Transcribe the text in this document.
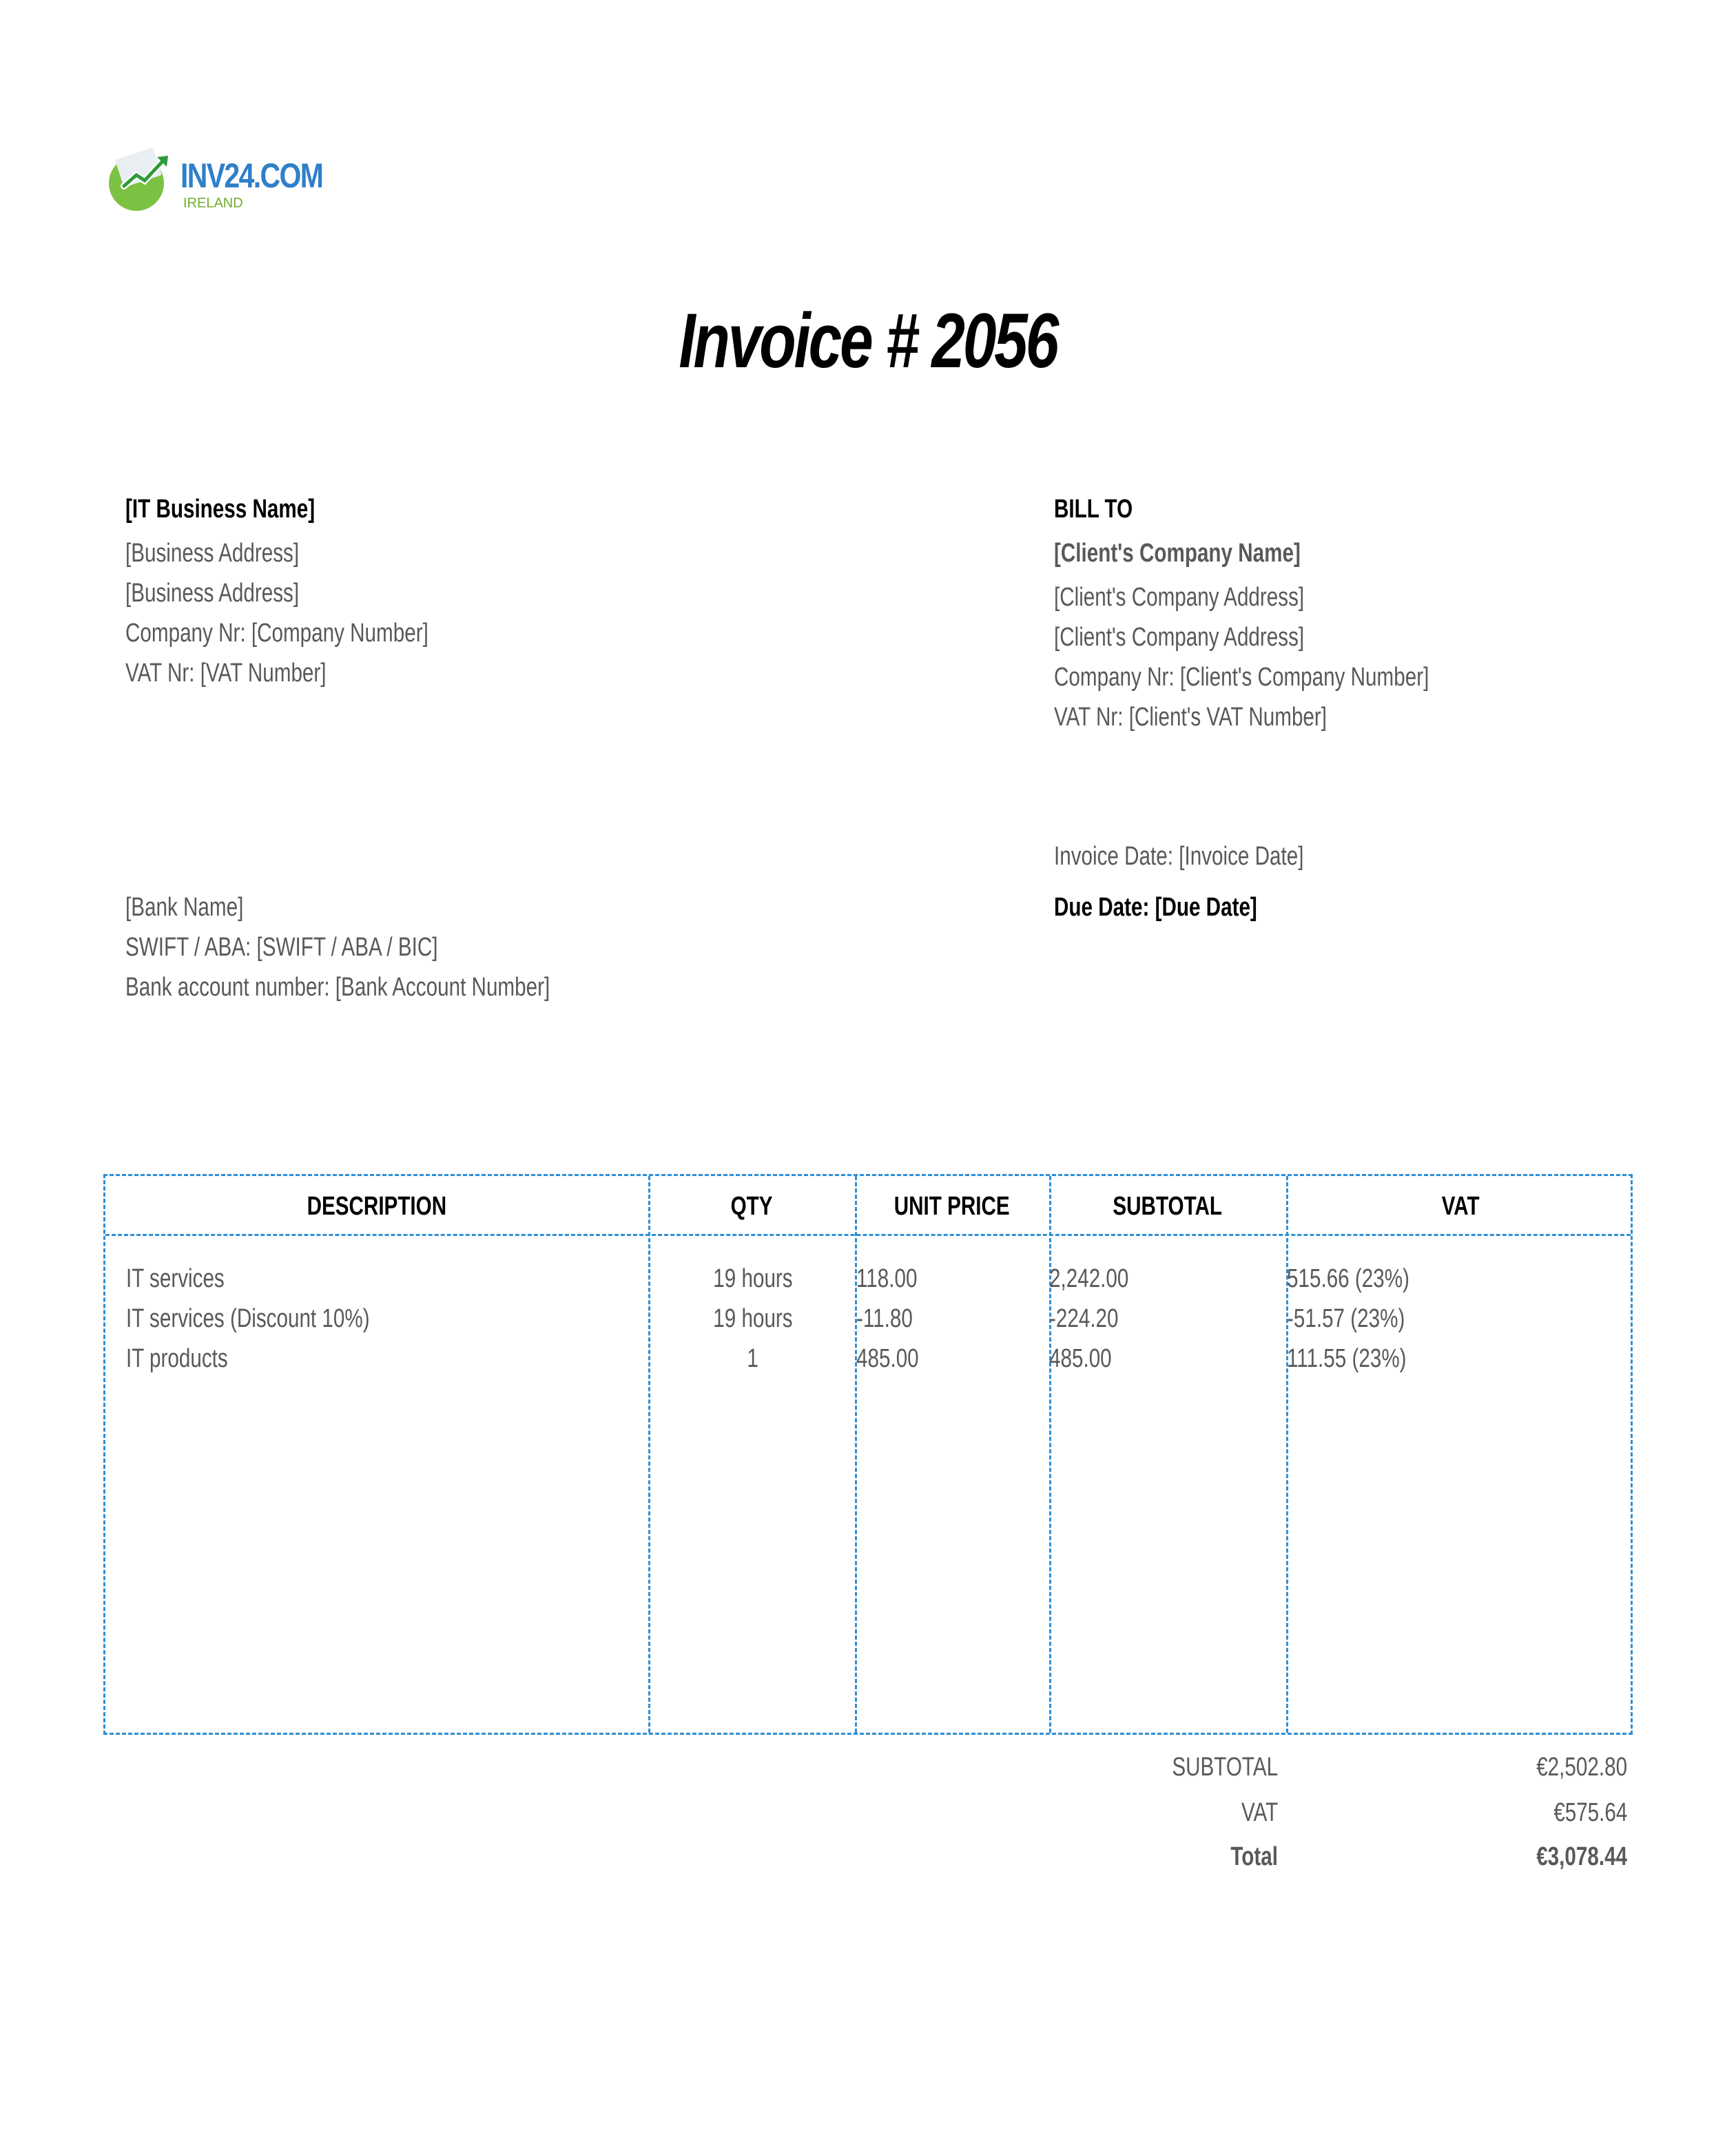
INV24.COM
IRELAND
Invoice # 2056
[IT Business Name]
[Business Address]
[Business Address]
Company Nr: [Company Number]
VAT Nr: [VAT Number]
BILL TO
[Client's Company Name]
[Client's Company Address]
[Client's Company Address]
Company Nr: [Client's Company Number]
VAT Nr: [Client's VAT Number]
Invoice Date: [Invoice Date]
Due Date: [Due Date]
[Bank Name]
SWIFT / ABA: [SWIFT / ABA / BIC]
Bank account number: [Bank Account Number]
DESCRIPTION	QTY	UNIT PRICE	SUBTOTAL	VAT
IT services	19 hours	118.00	2,242.00	515.66 (23%)
IT services (Discount 10%)	19 hours	-11.80	-224.20	-51.57 (23%)
IT products	1	485.00	485.00	111.55 (23%)
SUBTOTAL	€2,502.80
VAT	€575.64
Total	€3,078.44
